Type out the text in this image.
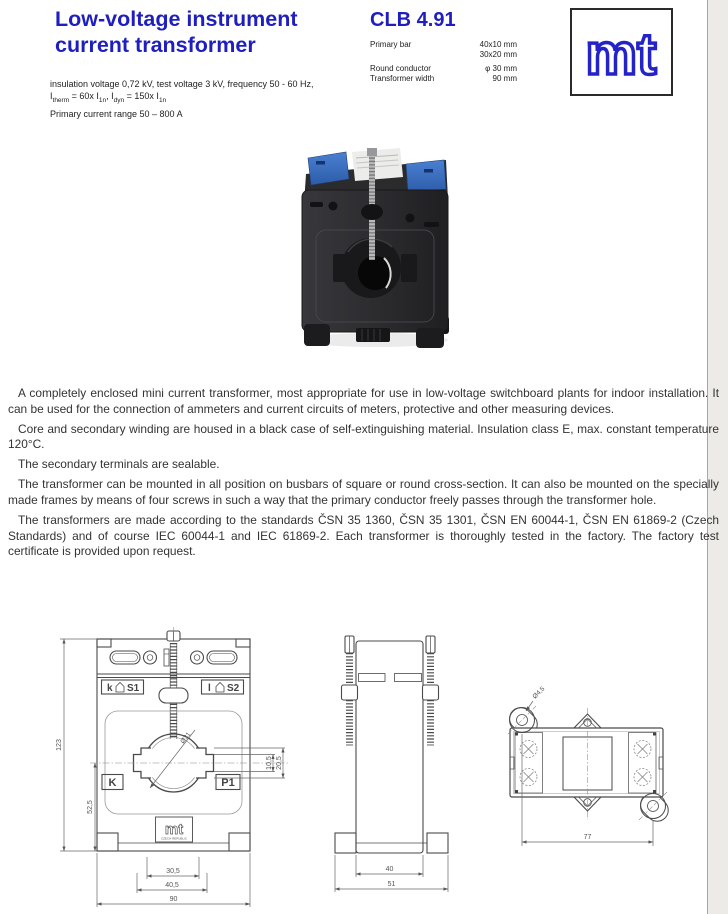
Low-voltage instrument
current transformer
CLB 4.91
Primary bar	40x10 mm
30x20 mm
Round conductor	φ 30 mm
Transformer width	90 mm mt
insulation voltage 0,72 kV, test voltage 3 kV, frequency 50 - 60 Hz,
$I_{therm} = 60x$ $I_{1n}$, $I_{dyn} = 150x$ $I_{1n}$
Primary current range 50 – 800 A

A completely enclosed mini current transformer, most appropriate for use in low-voltage switchboard plants for indoor installation. It can be used for the connection of ammeters and current circuits of meters, protective and other measuring devices.

Core and secondary winding are housed in a black case of self-extinguishing material. Insulation class E, max. constant temperature 120°C.

The secondary terminals are sealable.

The transformer can be mounted in all position on busbars of square or round cross-section. It can also be mounted on the specially made frames by means of four screws in such a way that the primary conductor freely passes through the transformer hole.

The transformers are made according to the standards ČSN 35 1360, ČSN 35 1301, ČSN EN 60044-1, ČSN EN 61869-2 (Czech Standards) and of course IEC 60044-1 and IEC 61869-2. Each transformer is thoroughly tested in the factory. The factory test certificate is provided upon request.

k S1	l S2
K	P1
mt
CZECH REPUBLIC
123
52,5
10,5 20,5
Ø31
30,5
40,5
90
40
51
Ø4,5
77
